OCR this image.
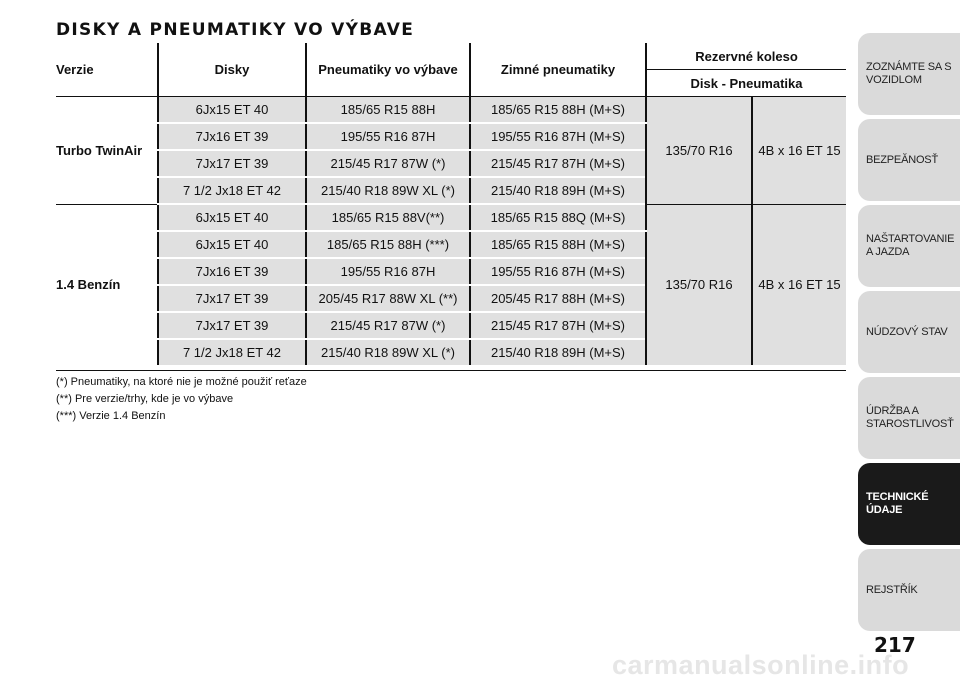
DISKY A PNEUMATIKY VO VÝBAVE
Verzie	Disky	Pneumatiky vo výbave	Zimné pneumatiky	Rezervné koleso	
				Disk - Pneumatika	
Turbo TwinAir	6Jx15 ET 40	185/65 R15 88H	185/65 R15 88H (M+S)	135/70 R16	4B x 16 ET 15
	7Jx16 ET 39	195/55 R16 87H	195/55 R16 87H (M+S)		
	7Jx17 ET 39	215/45 R17 87W (*)	215/45 R17 87H (M+S)		
	7 1/2 Jx18 ET 42	215/40 R18 89W XL (*)	215/40 R18 89H (M+S)		
1.4 Benzín	6Jx15 ET 40	185/65 R15 88V(**)	185/65 R15 88Q (M+S)	135/70 R16	4B x 16 ET 15
	6Jx15 ET 40	185/65 R15 88H (***)	185/65 R15 88H (M+S)		
	7Jx16 ET 39	195/55 R16 87H	195/55 R16 87H (M+S)		
	7Jx17 ET 39	205/45 R17 88W XL (**)	205/45 R17 88H (M+S)		
	7Jx17 ET 39	215/45 R17 87W (*)	215/45 R17 87H (M+S)		
	7 1/2 Jx18 ET 42	215/40 R18 89W XL (*)	215/40 R18 89H (M+S)		
(*) Pneumatiky, na ktoré nie je možné použiť reťaze
(**) Pre verzie/trhy, kde je vo výbave
(***) Verzie 1.4 Benzín
ZOZNÁMTE SA S VOZIDLOM
BEZPEĂNOSŤ
NAŠTARTOVANIE A JAZDA
NÚDZOVÝ STAV
ÚDRŽBA A STAROSTLIVOSŤ
TECHNICKÉ ÚDAJE
REJSTŘÍK
217
carmanualsonline.info
